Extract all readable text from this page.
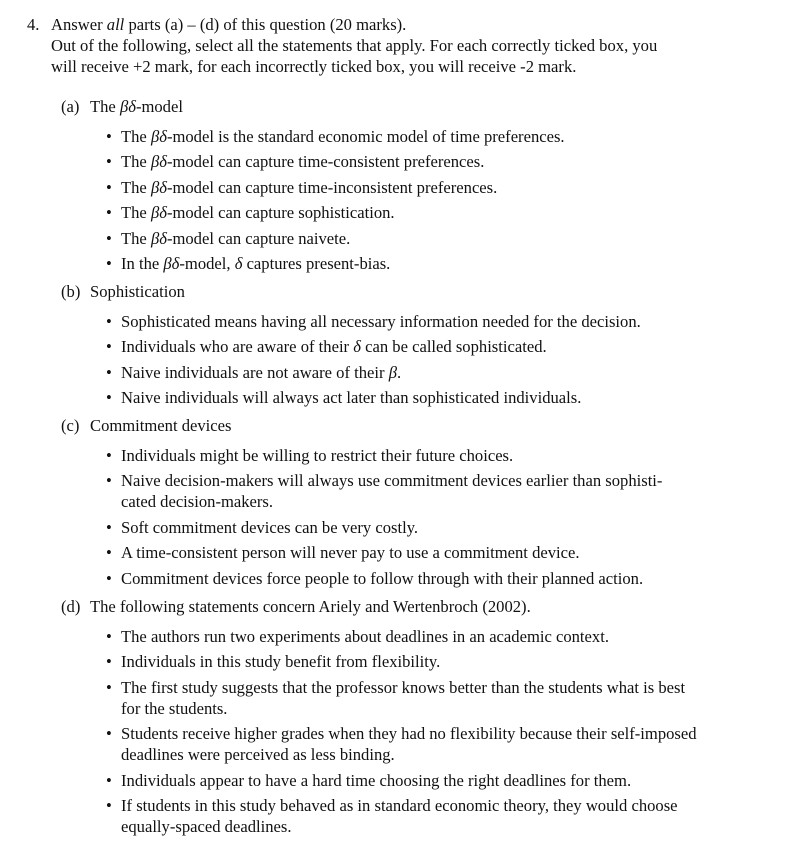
4. Answer all parts (a) – (d) of this question (20 marks).

Out of the following, select all the statements that apply. For each correctly ticked box, you

will receive +2 mark, for each incorrectly ticked box, you will receive -2 mark.

(a) The βδ-model

• The βδ-model is the standard economic model of time preferences.
• The βδ-model can capture time-consistent preferences.
• The βδ-model can capture time-inconsistent preferences.
• The βδ-model can capture sophistication.
• The βδ-model can capture naivete.
• In the βδ-model, δ captures present-bias.

(b) Sophistication

• Sophisticated means having all necessary information needed for the decision.
• Individuals who are aware of their δ can be called sophisticated.
• Naive individuals are not aware of their β.
• Naive individuals will always act later than sophisticated individuals.

(c) Commitment devices

• Individuals might be willing to restrict their future choices.
• Naive decision-makers will always use commitment devices earlier than sophisti-
cated decision-makers.
• Soft commitment devices can be very costly.
• A time-consistent person will never pay to use a commitment device.
• Commitment devices force people to follow through with their planned action.

(d) The following statements concern Ariely and Wertenbroch (2002).

• The authors run two experiments about deadlines in an academic context.
• Individuals in this study benefit from flexibility.
• The first study suggests that the professor knows better than the students what is best
for the students.
• Students receive higher grades when they had no flexibility because their self-imposed
deadlines were perceived as less binding.
• Individuals appear to have a hard time choosing the right deadlines for them.
• If students in this study behaved as in standard economic theory, they would choose
equally-spaced deadlines.
